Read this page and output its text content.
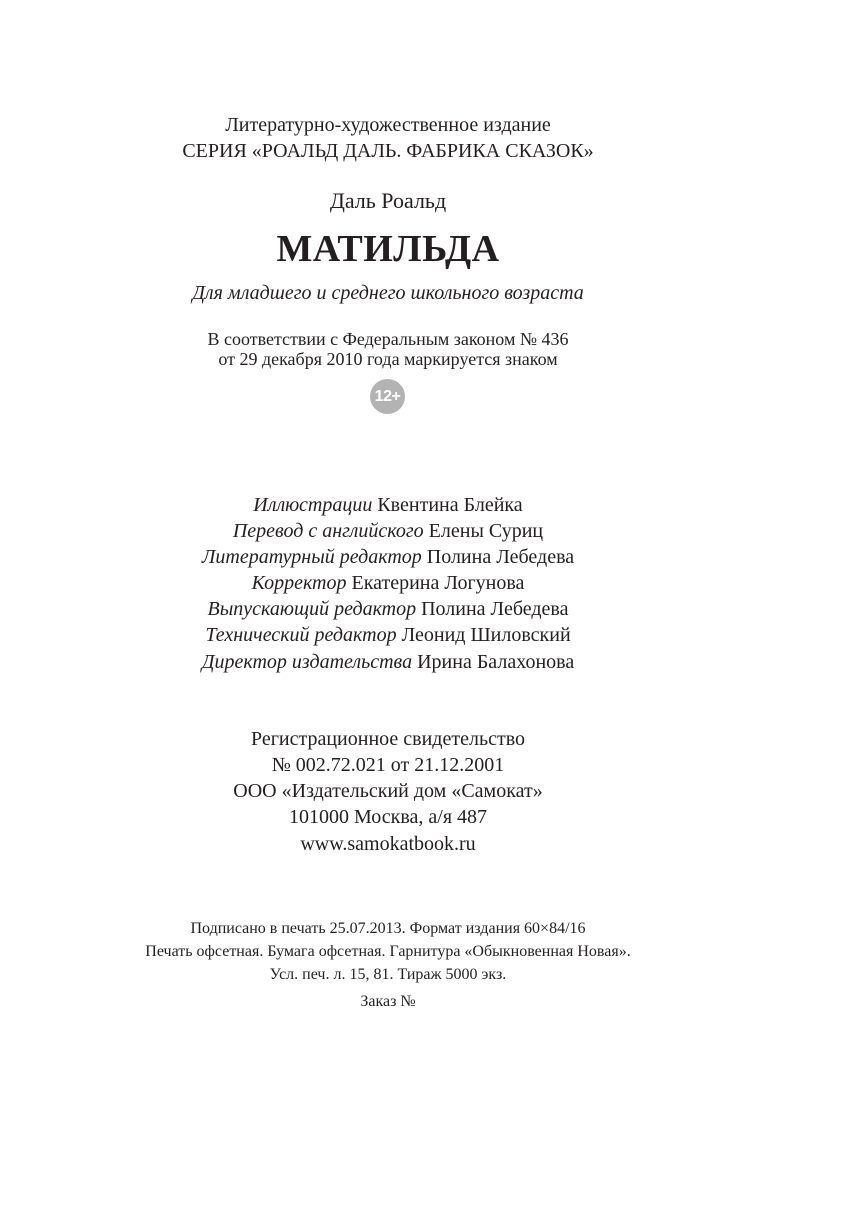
Литературно-художественное издание
СЕРИЯ «РОАЛЬД ДАЛЬ. ФАБРИКА СКАЗОК»
Даль Роальд
МАТИЛЬДА
Для младшего и среднего школьного возраста
В соответствии с Федеральным законом № 436
от 29 декабря 2010 года маркируется знаком
12+
Иллюстрации Квентина Блейка
Перевод с английского Елены Суриц
Литературный редактор Полина Лебедева
Корректор Екатерина Логунова
Выпускающий редактор Полина Лебедева
Технический редактор Леонид Шиловский
Директор издательства Ирина Балахонова
Регистрационное свидетельство
№ 002.72.021 от 21.12.2001
ООО «Издательский дом «Самокат»
101000 Москва, а/я 487
www.samokatbook.ru
Подписано в печать 25.07.2013. Формат издания 60×84/16
Печать офсетная. Бумага офсетная. Гарнитура «Обыкновенная Новая».
Усл. печ. л. 15, 81. Тираж 5000 экз.
Заказ №
